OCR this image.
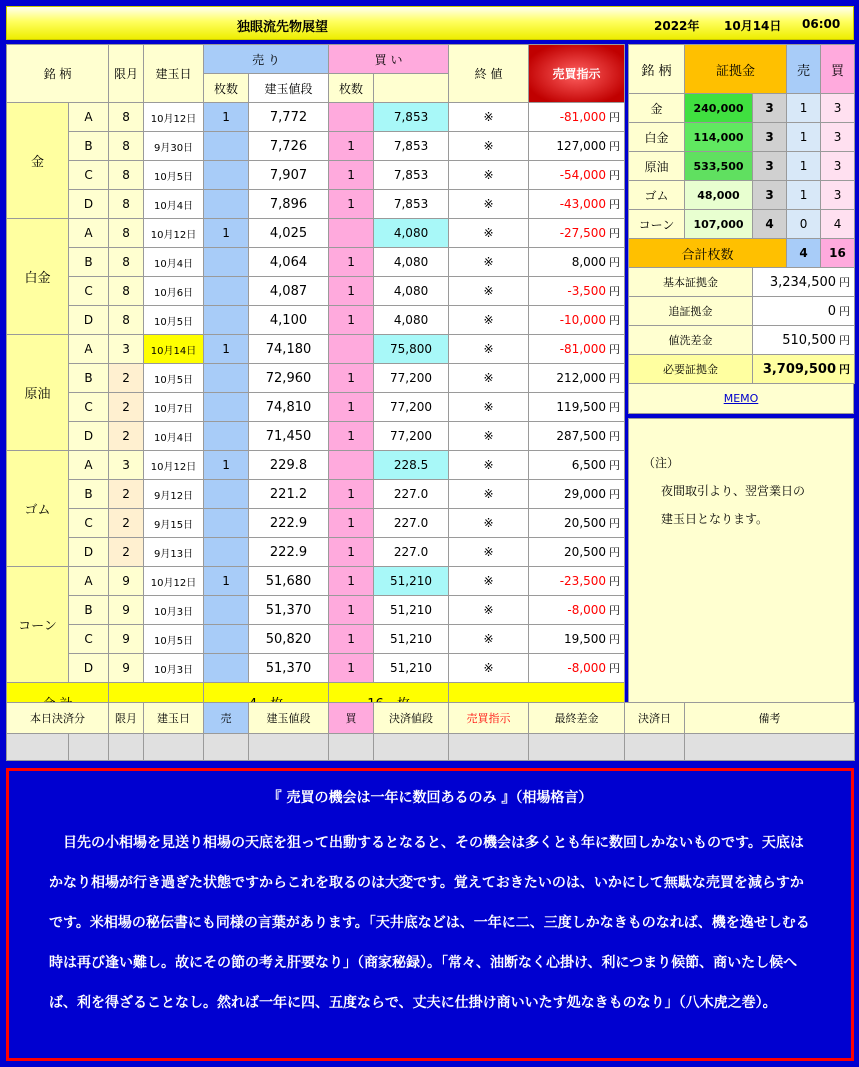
独眼流先物展望	2022年 10月14日 06:00
銘 柄		限月	建玉日	売 り		買 い		終 値	売買指示	
				枚数	建玉値段	枚数				
金	A	8	10月12日	1	7,772		7,853	※	-81,000 円	
	B	8	9月30日		7,726	1	7,853	※	127,000 円	
	C	8	10月5日		7,907	1	7,853	※	-54,000 円	
	D	8	10月4日		7,896	1	7,853	※	-43,000 円	
白金	A	8	10月12日	1	4,025		4,080	※	-27,500 円	
	B	8	10月4日		4,064	1	4,080	※	8,000 円	
	C	8	10月6日		4,087	1	4,080	※	-3,500 円	
	D	8	10月5日		4,100	1	4,080	※	-10,000 円	
原油	A	3	10月14日	1	74,180		75,800	※	-81,000 円	
	B	2	10月5日		72,960	1	77,200	※	212,000 円	
	C	2	10月7日		74,810	1	77,200	※	119,500 円	
	D	2	10月4日		71,450	1	77,200	※	287,500 円	
ゴム	A	3	10月12日	1	229.8		228.5	※	6,500 円	
	B	2	9月12日		221.2	1	227.0	※	29,000 円	
	C	2	9月15日		222.9	1	227.0	※	20,500 円	
	D	2	9月13日		222.9	1	227.0	※	20,500 円	
コーン	A	9	10月12日	1	51,680	1	51,210	※	-23,500 円	
	B	9	10月3日		51,370	1	51,210	※	-8,000 円	
	C	9	10月5日		50,820	1	51,210	※	19,500 円	
	D	9	10月3日		51,370	1	51,210	※	-8,000 円	

銘 柄	証拠金		売	買
金	240,000	3	1	3
白金	114,000	3	1	3
原油	533,500	3	1	3
ゴム	48,000	3	1	3
コーン	107,000	4	0	4
合計枚数			4	16
基本証拠金		3,234,500 円		
追証拠金		0 円		
値洗差金		510,500 円		
必要証拠金		3,709,500 円		
MEMO
（注）
夜間取引より、翌営業日の
建玉日となります。
本日決済分		限月	建玉日	売	建玉値段	買	決済値段	売買指示	最終差金	決済日	備考

『 売買の機会は一年に数回あるのみ 』（相場格言）
　目先の小相場を見送り相場の天底を狙って出動するとなると、その機会は多くとも年に数回しかないものです。天底はかなり相場が行き過ぎた状態ですからこれを取るのは大変です。覚えておきたいのは、いかにして無駄な売買を減らすかです。米相場の秘伝書にも同様の言葉があります。「天井底などは、一年に二、三度しかなきものなれば、機を逸せしむる時は再び逢い難し。故にその節の考え肝要なり」（商家秘録）。「常々、油断なく心掛け、利につまり候節、商いたし候へば、利を得ざることなし。然れば一年に四、五度ならで、丈夫に仕掛け商いいたす処なきものなり」（八木虎之巻）。
